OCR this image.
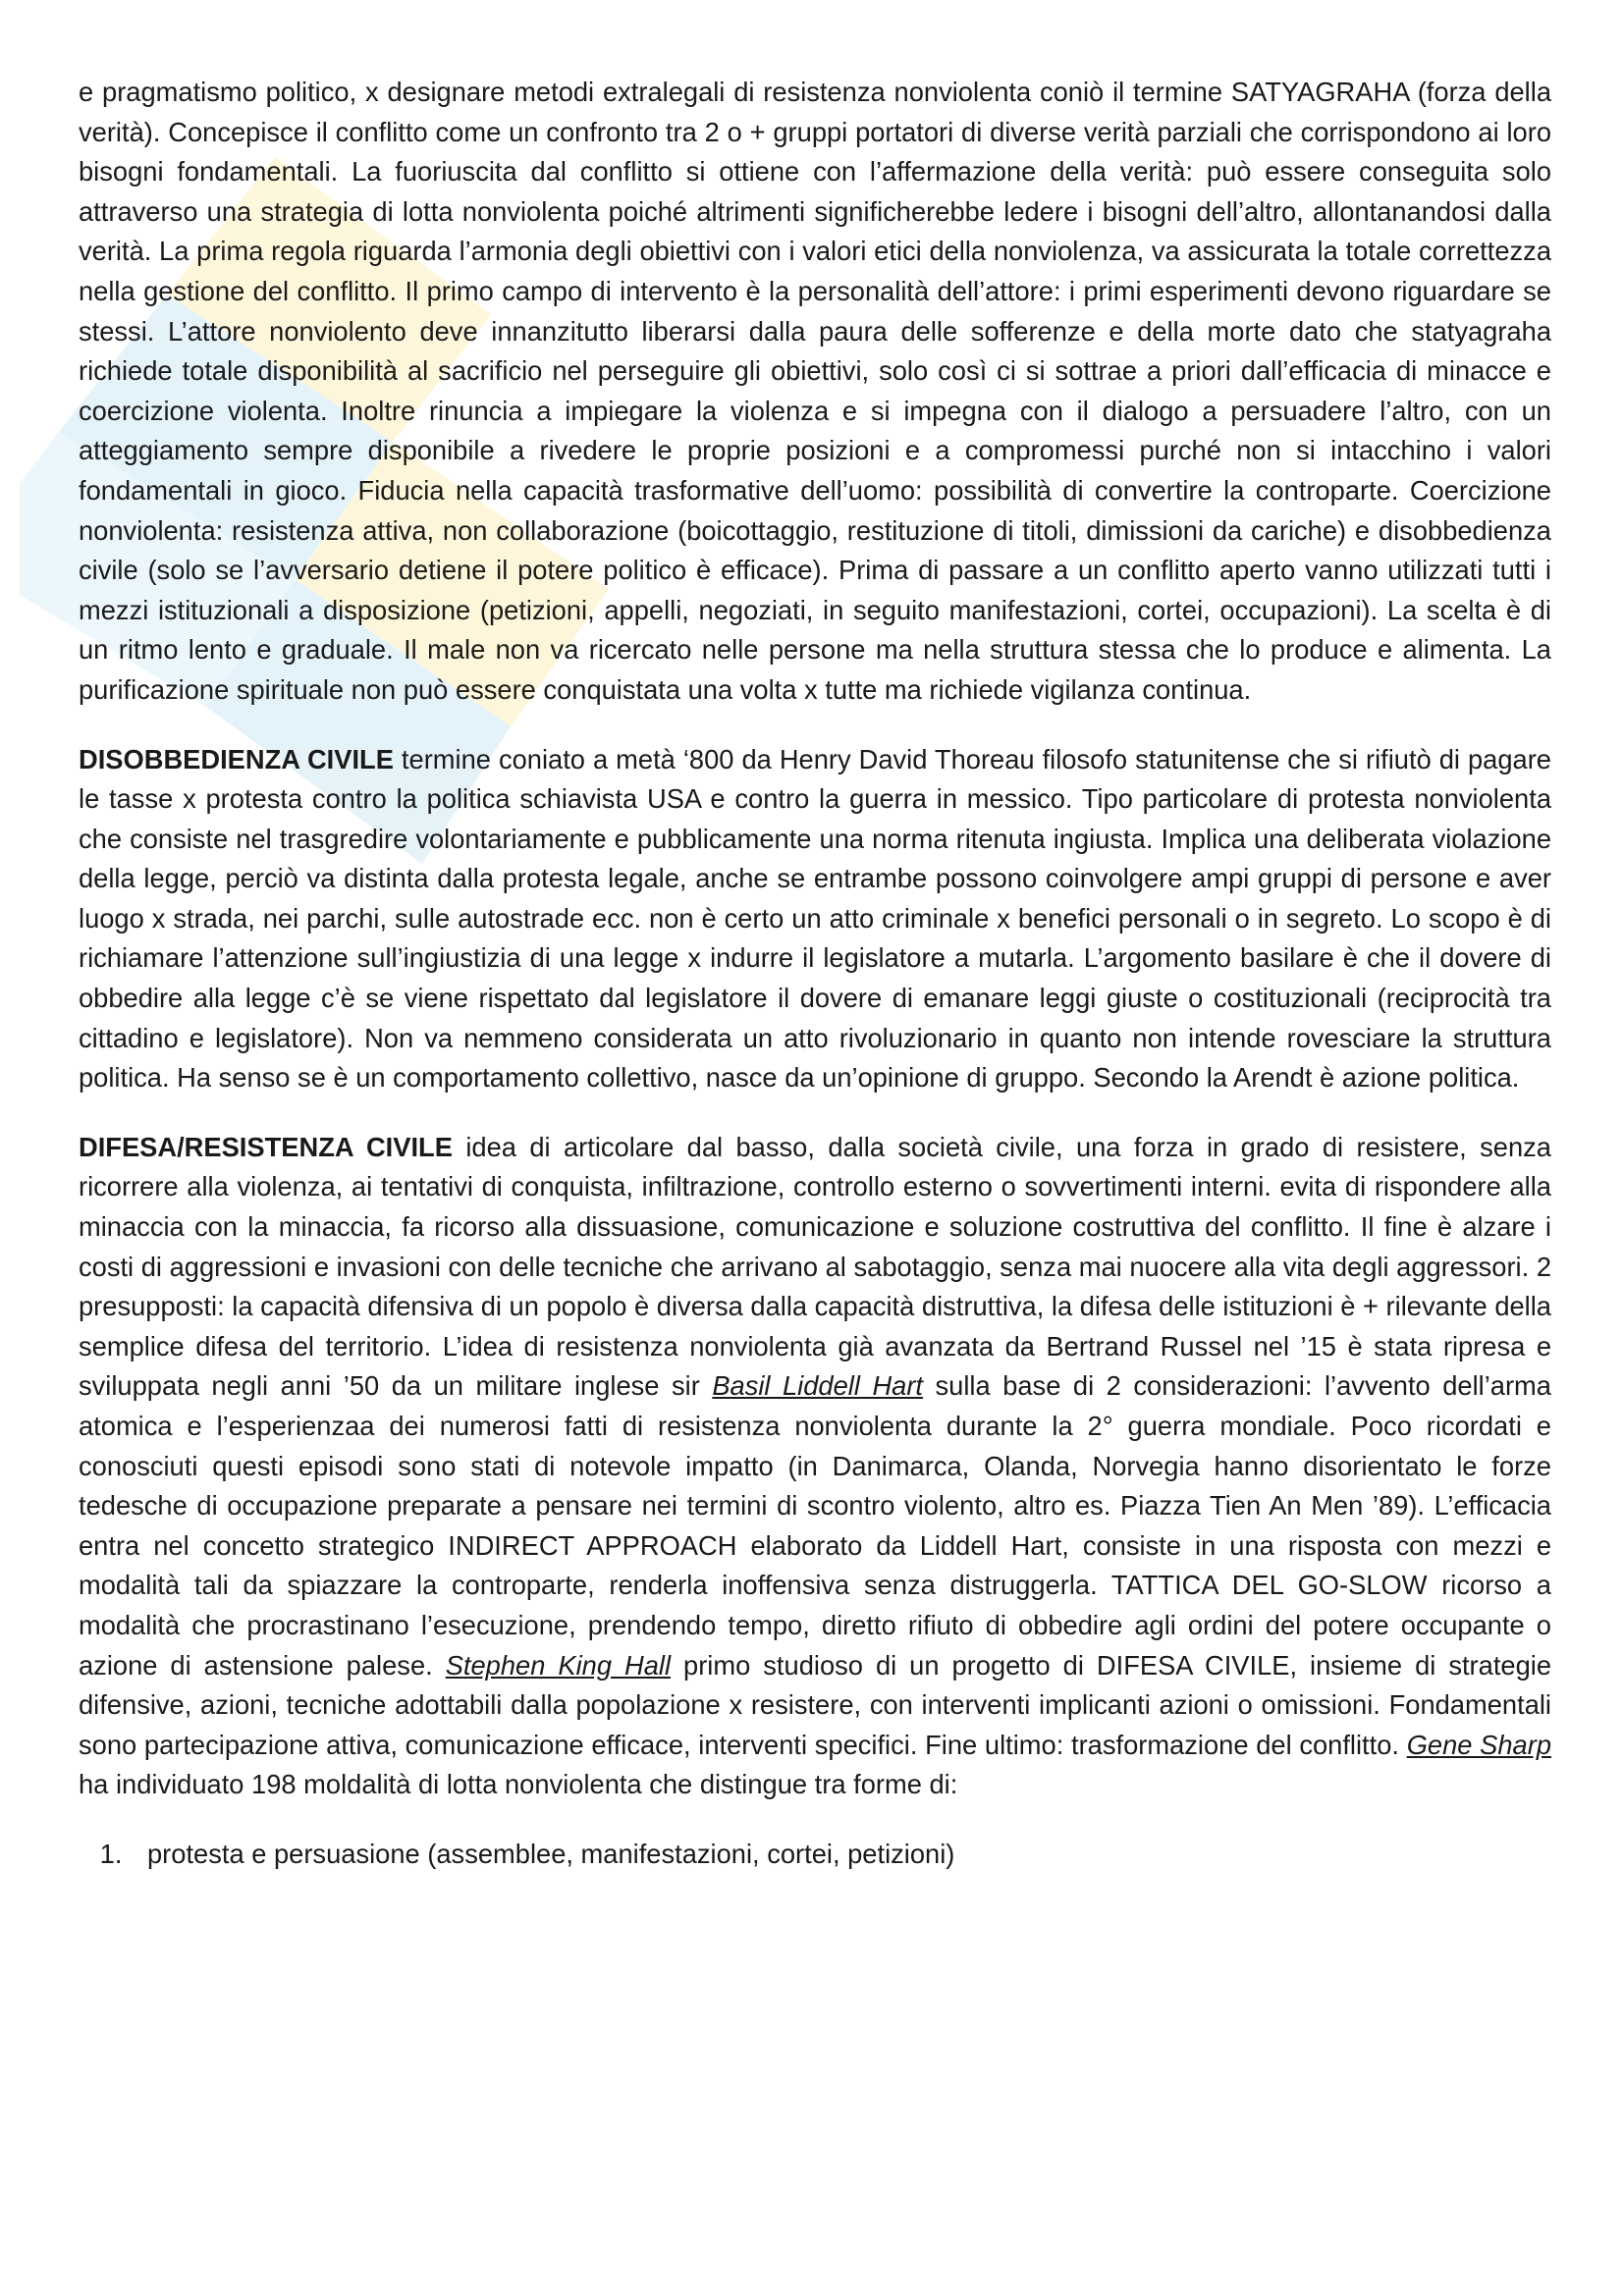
e pragmatismo politico, x designare metodi extralegali di resistenza nonviolenta coniò il termine SATYAGRAHA (forza della verità). Concepisce il conflitto come un confronto tra 2 o + gruppi portatori di diverse verità parziali che corrispondono ai loro bisogni fondamentali. La fuoriuscita dal conflitto si ottiene con l’affermazione della verità: può essere conseguita solo attraverso una strategia di lotta nonviolenta poiché altrimenti significherebbe ledere i bisogni dell’altro, allontanandosi dalla verità. La prima regola riguarda l’armonia degli obiettivi con i valori etici della nonviolenza, va assicurata la totale correttezza nella gestione del conflitto. Il primo campo di intervento è la personalità dell’attore: i primi esperimenti devono riguardare se stessi. L’attore nonviolento deve innanzitutto liberarsi dalla paura delle sofferenze e della morte dato che statyagraha richiede totale disponibilità al sacrificio nel perseguire gli obiettivi, solo così ci si sottrae a priori dall’efficacia di minacce e coercizione violenta. Inoltre rinuncia a impiegare la violenza e si impegna con il dialogo a persuadere l’altro, con un atteggiamento sempre disponibile a rivedere le proprie posizioni e a compromessi purché non si intacchino i valori fondamentali in gioco. Fiducia nella capacità trasformative dell’uomo: possibilità di convertire la controparte. Coercizione nonviolenta: resistenza attiva, non collaborazione (boicottaggio, restituzione di titoli, dimissioni da cariche) e disobbedienza civile (solo se l’avversario detiene il potere politico è efficace). Prima di passare a un conflitto aperto vanno utilizzati tutti i mezzi istituzionali a disposizione (petizioni, appelli, negoziati, in seguito manifestazioni, cortei, occupazioni). La scelta è di un ritmo lento e graduale. Il male non va ricercato nelle persone ma nella struttura stessa che lo produce e alimenta. La purificazione spirituale non può essere conquistata una volta x tutte ma richiede vigilanza continua.

DISOBBEDIENZA CIVILE termine coniato a metà ‘800 da Henry David Thoreau filosofo statunitense che si rifiutò di pagare le tasse x protesta contro la politica schiavista USA e contro la guerra in messico. Tipo particolare di protesta nonviolenta che consiste nel trasgredire volontariamente e pubblicamente una norma ritenuta ingiusta. Implica una deliberata violazione della legge, perciò va distinta dalla protesta legale, anche se entrambe possono coinvolgere ampi gruppi di persone e aver luogo x strada, nei parchi, sulle autostrade ecc. non è certo un atto criminale x benefici personali o in segreto. Lo scopo è di richiamare l’attenzione sull’ingiustizia di una legge x indurre il legislatore a mutarla. L’argomento basilare è che il dovere di obbedire alla legge c’è se viene rispettato dal legislatore il dovere di emanare leggi giuste o costituzionali (reciprocità tra cittadino e legislatore). Non va nemmeno considerata un atto rivoluzionario in quanto non intende rovesciare la struttura politica. Ha senso se è un comportamento collettivo, nasce da un’opinione di gruppo. Secondo la Arendt è azione politica.

DIFESA/RESISTENZA CIVILE idea di articolare dal basso, dalla società civile, una forza in grado di resistere, senza ricorrere alla violenza, ai tentativi di conquista, infiltrazione, controllo esterno o sovvertimenti interni. evita di rispondere alla minaccia con la minaccia, fa ricorso alla dissuasione, comunicazione e soluzione costruttiva del conflitto. Il fine è alzare i costi di aggressioni e invasioni con delle tecniche che arrivano al sabotaggio, senza mai nuocere alla vita degli aggressori. 2 presupposti: la capacità difensiva di un popolo è diversa dalla capacità distruttiva, la difesa delle istituzioni è + rilevante della semplice difesa del territorio. L’idea di resistenza nonviolenta già avanzata da Bertrand Russel nel ’15 è stata ripresa e sviluppata negli anni ’50 da un militare inglese sir Basil Liddell Hart sulla base di 2 considerazioni: l’avvento dell’arma atomica e l’esperienzaa dei numerosi fatti di resistenza nonviolenta durante la 2° guerra mondiale. Poco ricordati e conosciuti questi episodi sono stati di notevole impatto (in Danimarca, Olanda, Norvegia hanno disorientato le forze tedesche di occupazione preparate a pensare nei termini di scontro violento, altro es. Piazza Tien An Men ’89). L’efficacia entra nel concetto strategico INDIRECT APPROACH elaborato da Liddell Hart, consiste in una risposta con mezzi e modalità tali da spiazzare la controparte, renderla inoffensiva senza distruggerla. TATTICA DEL GO-SLOW ricorso a modalità che procrastinano l’esecuzione, prendendo tempo, diretto rifiuto di obbedire agli ordini del potere occupante o azione di astensione palese. Stephen King Hall primo studioso di un progetto di DIFESA CIVILE, insieme di strategie difensive, azioni, tecniche adottabili dalla popolazione x resistere, con interventi implicanti azioni o omissioni. Fondamentali sono partecipazione attiva, comunicazione efficace, interventi specifici. Fine ultimo: trasformazione del conflitto. Gene Sharp ha individuato 198 moldalità di lotta nonviolenta che distingue tra forme di:

1. protesta e persuasione (assemblee, manifestazioni, cortei, petizioni)
